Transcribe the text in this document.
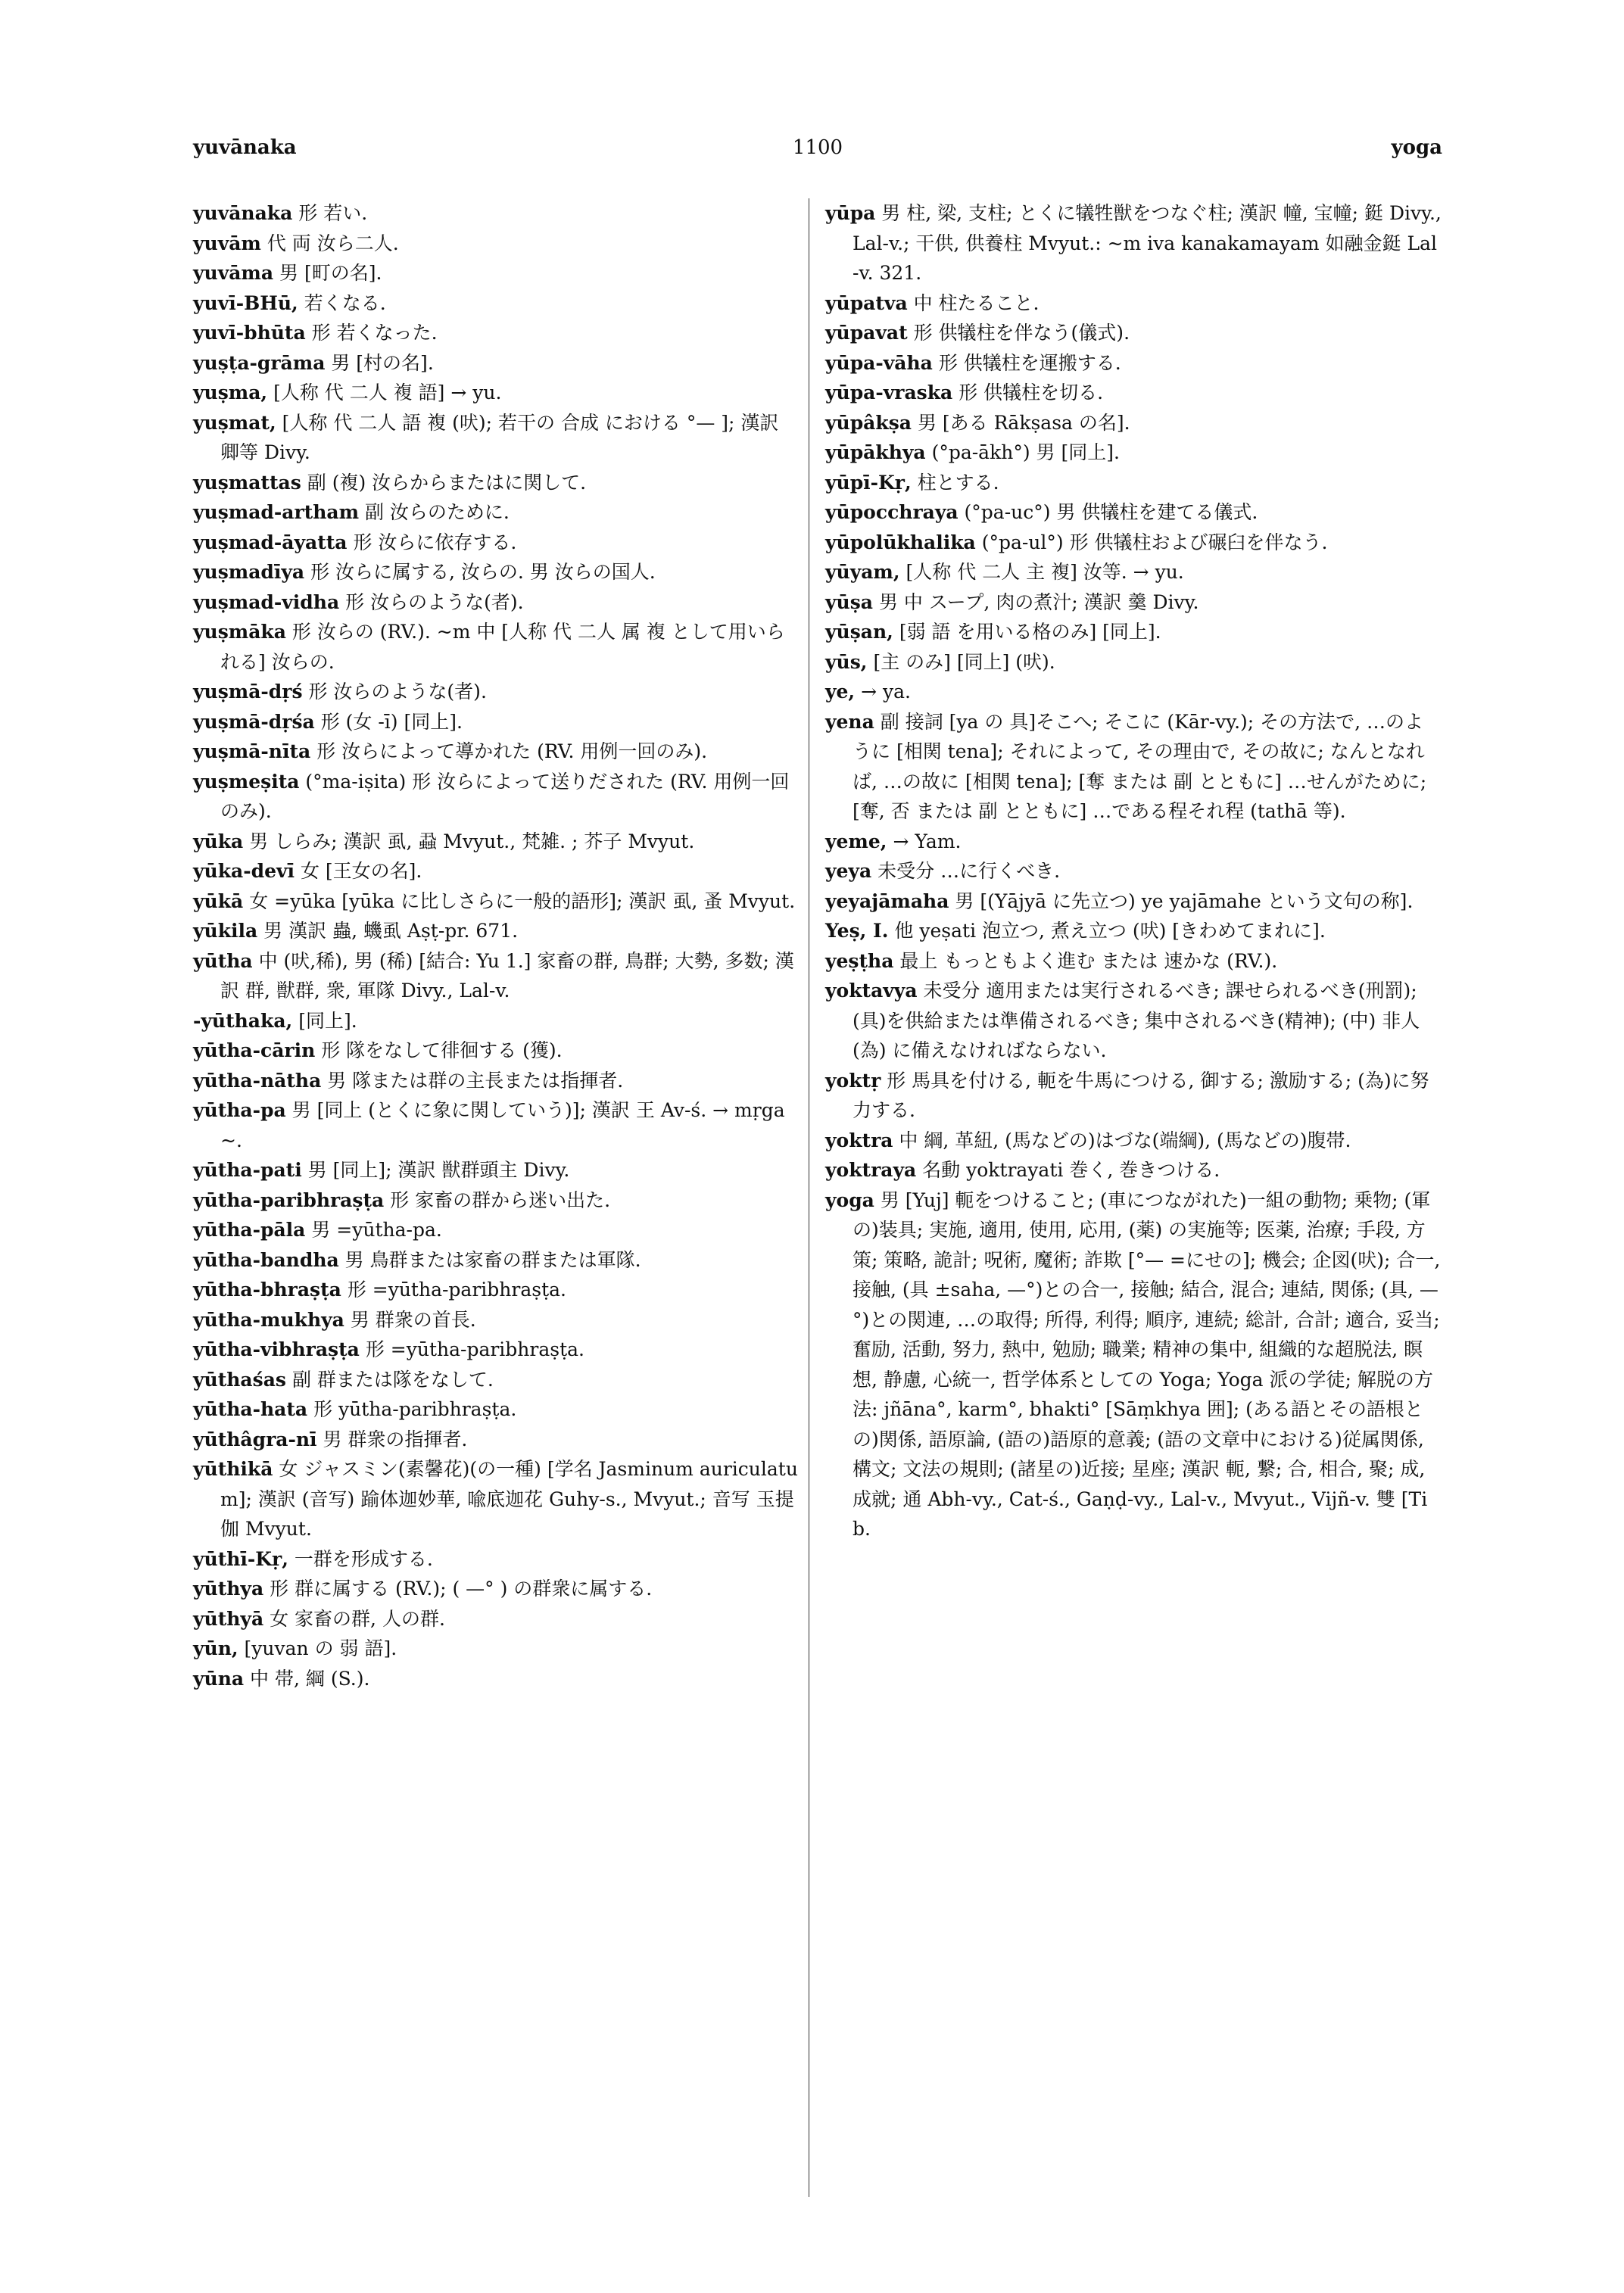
yuvānaka	1100	yoga
yuvānaka 形 若い.
yuvām 代 両 汝ら二人.
yuvāma 男 [町の名].
yuvī-BHū, 若くなる.
yuvī-bhūta 形 若くなった.
yuṣṭa-grāma 男 [村の名].
yuṣma, [人称 代 二人 複 語] → yu.
yuṣmat, [人称 代 二人 語 複 (吠); 若干の 合成 における °— ]; 漢訳 卿等 Divy.
yuṣmattas 副 (複) 汝らからまたはに関して.
yuṣmad-artham 副 汝らのために.
yuṣmad-āyatta 形 汝らに依存する.
yuṣmadīya 形 汝らに属する, 汝らの. 男 汝らの国人.
yuṣmad-vidha 形 汝らのような(者).
yuṣmāka 形 汝らの (RV.). ~m 中 [人称 代 二人 属 複 として用いられる] 汝らの.
yuṣmā-dṛś 形 汝らのような(者).
yuṣmā-dṛśa 形 (女 -ī) [同上].
yuṣmā-nīta 形 汝らによって導かれた (RV. 用例一回のみ).
yuṣmeṣita (°ma-iṣita) 形 汝らによって送りだされた (RV. 用例一回のみ).
yūka 男 しらみ; 漢訳 虱, 蝨 Mvyut., 梵雑. ; 芥子 Mvyut.
yūka-devī 女 [王女の名].
yūkā 女 =yūka [yūka に比しさらに一般的語形]; 漢訳 虱, 蚤 Mvyut.
yūkila 男 漢訳 蟲, 蟣虱 Aṣṭ-pr. 671.
yūtha 中 (吠,稀), 男 (稀) [結合: Yu 1.] 家畜の群, 鳥群; 大勢, 多数; 漢訳 群, 獣群, 衆, 軍隊 Divy., Lal-v.
-yūthaka, [同上].
yūtha-cārin 形 隊をなして徘徊する (獲).
yūtha-nātha 男 隊または群の主長または指揮者.
yūtha-pa 男 [同上 (とくに象に関していう)]; 漢訳 王 Av-ś. → mṛga~.
yūtha-pati 男 [同上]; 漢訳 獣群頭主 Divy.
yūtha-paribhraṣṭa 形 家畜の群から迷い出た.
yūtha-pāla 男 =yūtha-pa.
yūtha-bandha 男 鳥群または家畜の群または軍隊.
yūtha-bhraṣṭa 形 =yūtha-paribhraṣṭa.
yūtha-mukhya 男 群衆の首長.
yūtha-vibhraṣṭa 形 =yūtha-paribhraṣṭa.
yūthaśas 副 群または隊をなして.
yūtha-hata 形 yūtha-paribhraṣṭa.
yūthâgra-nī 男 群衆の指揮者.
yūthikā 女 ジャスミン(素馨花)(の一種) [学名 Jasminum auriculatum]; 漢訳 (音写) 踰体迦妙華, 喩底迦花 Guhy-s., Mvyut.; 音写 玉提伽 Mvyut.
yūthī-Kṛ, 一群を形成する.
yūthya 形 群に属する (RV.); ( —° ) の群衆に属する.
yūthyā 女 家畜の群, 人の群.
yūn, [yuvan の 弱 語].
yūna 中 帯, 綱 (S.).
yūpa 男 柱, 梁, 支柱; とくに犠牲獣をつなぐ柱; 漢訳 幢, 宝幢; 鋌 Divy., Lal-v.; 干供, 供養柱 Mvyut.: ~m iva kanakamayam 如融金鋌 Lal-v. 321.
yūpatva 中 柱たること.
yūpavat 形 供犠柱を伴なう(儀式).
yūpa-vāha 形 供犠柱を運搬する.
yūpa-vraska 形 供犠柱を切る.
yūpâkṣa 男 [ある Rākṣasa の名].
yūpākhya (°pa-ākh°) 男 [同上].
yūpī-Kṛ, 柱とする.
yūpocchraya (°pa-uc°) 男 供犠柱を建てる儀式.
yūpolūkhalika (°pa-ul°) 形 供犠柱および碾臼を伴なう.
yūyam, [人称 代 二人 主 複] 汝等. → yu.
yūṣa 男 中 スープ, 肉の煮汁; 漢訳 羹 Divy.
yūṣan, [弱 語 を用いる格のみ] [同上].
yūs, [主 のみ] [同上] (吠).
ye, → ya.
yena 副 接詞 [ya の 具]そこへ; そこに (Kār-vy.); その方法で, …のように [相関 tena]; それによって, その理由で, その故に; なんとなれば, …の故に [相関 tena]; [奪 または 副 とともに] …せんがために; [奪, 否 または 副 とともに] …である程それ程 (tathā 等).
yeme, → Yam.
yeya 未受分 …に行くべき.
yeyajāmaha 男 [(Yājyā に先立つ) ye yajāmahe という文句の称].
Yeṣ, I. 他 yeṣati 泡立つ, 煮え立つ (吠) [きわめてまれに].
yeṣṭha 最上 もっともよく進む または 速かな (RV.).
yoktavya 未受分 適用または実行されるべき; 課せられるべき(刑罰); (具)を供給または準備されるべき; 集中されるべき(精神); (中) 非人 (為) に備えなければならない.
yoktṛ 形 馬具を付ける, 軛を牛馬につける, 御する; 激励する; (為)に努力する.
yoktra 中 綱, 革紐, (馬などの)はづな(端綱), (馬などの)腹帯.
yoktraya 名動 yoktrayati 巻く, 巻きつける.
yoga 男 [Yuj] 軛をつけること; (車につながれた)一組の動物; 乗物; (軍の)装具; 実施, 適用, 使用, 応用, (薬) の実施等; 医薬, 治療; 手段, 方策; 策略, 詭計; 呪術, 魔術; 詐欺 [°— =にせの]; 機会; 企図(吠); 合一, 接触, (具 ±saha, —°)との合一, 接触; 結合, 混合; 連結, 関係; (具, —°)との関連, …の取得; 所得, 利得; 順序, 連続; 総計, 合計; 適合, 妥当; 奮励, 活動, 努力, 熱中, 勉励; 職業; 精神の集中, 組織的な超脱法, 瞑想, 静慮, 心統一, 哲学体系としての Yoga; Yoga 派の学徒; 解脱の方法: jñāna°, karm°, bhakti° [Sāṃkhya 囲]; (ある語とその語根との)関係, 語原論, (語の)語原的意義; (語の文章中における)従属関係, 構文; 文法の規則; (諸星の)近接; 星座; 漢訳 軛, 繋; 合, 相合, 聚; 成, 成就; 通 Abh-vy., Cat-ś., Gaṇḍ-vy., Lal-v., Mvyut., Vijñ-v. 雙 [Tib.
